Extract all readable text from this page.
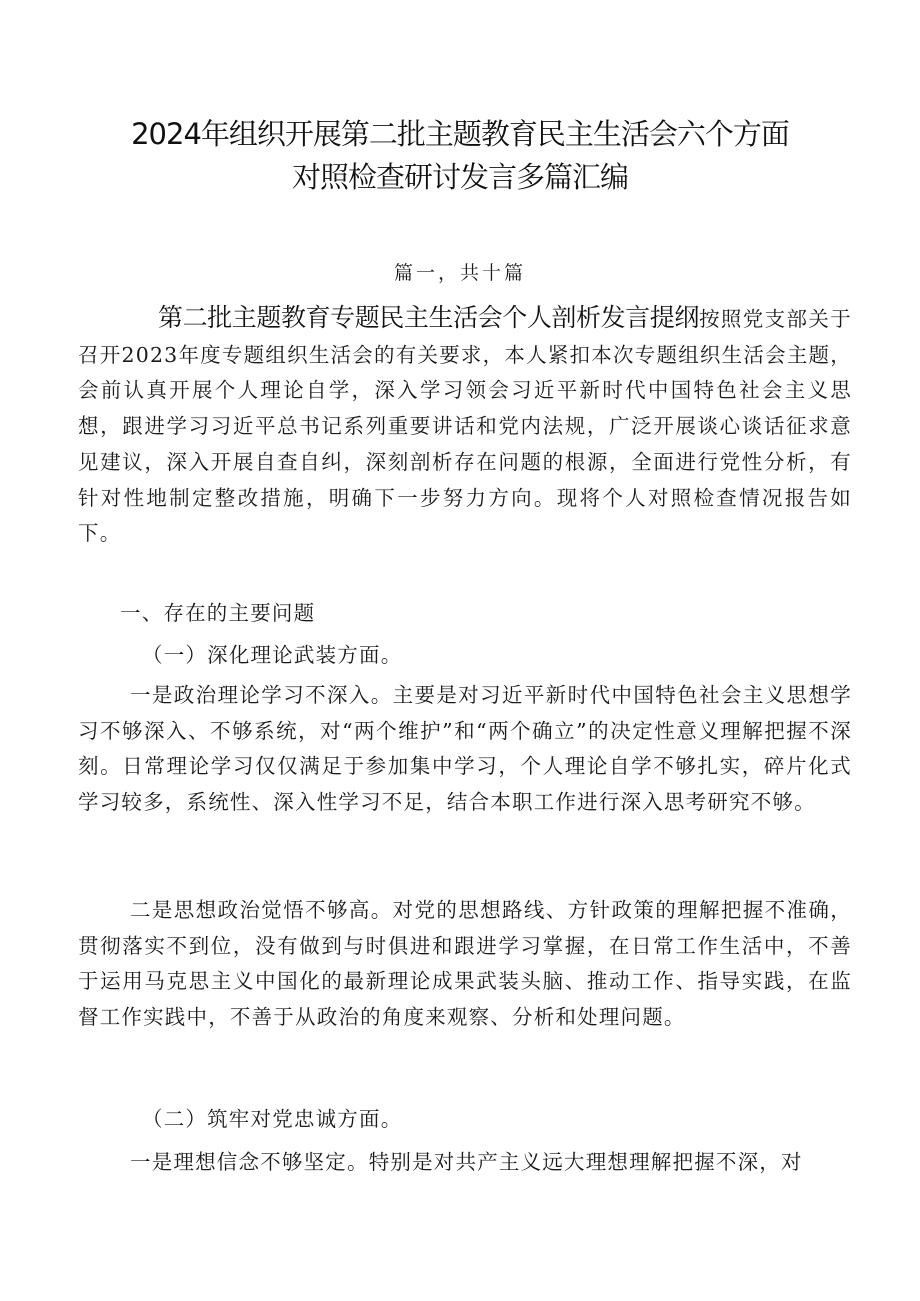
2024年组织开展第二批主题教育民主生活会六个方面
对照检查研讨发言多篇汇编
篇一，共十篇
第二批主题教育专题民主生活会个人剖析发言提纲按照党支部关于召开2023年度专题组织生活会的有关要求，本人紧扣本次专题组织生活会主题，会前认真开展个人理论自学，深入学习领会习近平新时代中国特色社会主义思想，跟进学习习近平总书记系列重要讲话和党内法规，广泛开展谈心谈话征求意见建议，深入开展自查自纠，深刻剖析存在问题的根源，全面进行党性分析，有针对性地制定整改措施，明确下一步努力方向。现将个人对照检查情况报告如下。
一、存在的主要问题
（一）深化理论武装方面。
一是政治理论学习不深入。主要是对习近平新时代中国特色社会主义思想学习不够深入、不够系统，对“两个维护”和“两个确立”的决定性意义理解把握不深刻。日常理论学习仅仅满足于参加集中学习，个人理论自学不够扎实，碎片化式学习较多，系统性、深入性学习不足，结合本职工作进行深入思考研究不够。
二是思想政治觉悟不够高。对党的思想路线、方针政策的理解把握不准确，贯彻落实不到位，没有做到与时俱进和跟进学习掌握，在日常工作生活中，不善于运用马克思主义中国化的最新理论成果武装头脑、推动工作、指导实践，在监督工作实践中，不善于从政治的角度来观察、分析和处理问题。
（二）筑牢对党忠诚方面。
一是理想信念不够坚定。特别是对共产主义远大理想理解把握不深，对
